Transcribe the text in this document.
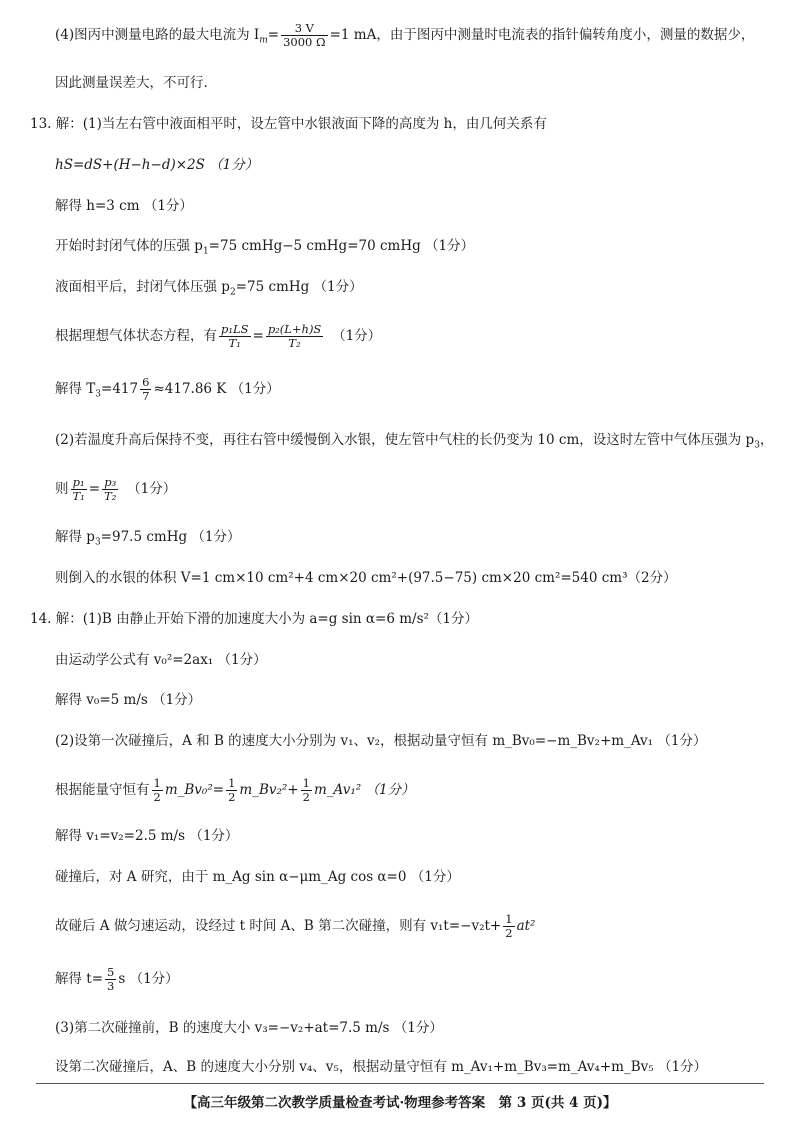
(4)图丙中测量电路的最大电流为 $I_m= \frac{3 V}{3000 \Omega} =1$ mA，由于图丙中测量时电流表的指针偏转角度小，测量的数据少，
因此测量误差大，不可行.
13. 解：(1)当左右管中液面相平时，设左管中水银液面下降的高度为 h，由几何关系有
hS=dS+(H−h−d)×2S （1分）
解得 h=3 cm （1分）
开始时封闭气体的压强 $p_1=75$ cmHg−5 cmHg=70 cmHg （1分）
液面相平后，封闭气体压强 $p_2=75$ cmHg （1分）
根据理想气体状态方程，有 $\frac{\text{p₁LS}}{\text{T₁}} = \frac{\text{p₂(L+h)S}}{\text{T₂}}$
　 （1分）
解得 $T_3=417 \frac{6}{7} \approx 417.86$ K （1分）
(2)若温度升高后保持不变，再往右管中缓慢倒入水银，使左管中气柱的长仍变为 10 cm，设这时左管中气体压强为 $p_3$，
则 $\frac{\text{p₁}}{\text{T₁}} = \frac{\text{p₃}}{\text{T₂}}$
　 （1分）
解得 $p_3=97.5$ cmHg （1分）
则倒入的水银的体积 V=1 cm×10 cm²+4 cm×20 cm²+(97.5−75) cm×20 cm²=540 cm³（2分）
14. 解：(1)B 由静止开始下滑的加速度大小为 a=g sin α=6 m/s²（1分）
由运动学公式有 v₀²=2ax₁ （1分）
解得 v₀=5 m/s （1分）
(2)设第一次碰撞后，A 和 B 的速度大小分别为 v₁、v₂，根据动量守恒有 m_Bv₀=−m_Bv₂+m_Av₁ （1分）
根据能量守恒有 $\frac{1}{2}$ m_Bv₀²= $\frac{1}{2}$ m_Bv₂²+ $\frac{1}{2}$ m_Av₁² （1分）
解得 v₁=v₂=2.5 m/s （1分）
碰撞后，对 A 研究，由于 m_Ag sin α−μm_Ag cos α=0 （1分）
故碰后 A 做匀速运动，设经过 t 时间 A、B 第二次碰撞，则有 $v_1t=-v_2t+ \frac{1}{2} at^2$
解得 $t= \frac{5}{3}$ s （1分）
(3)第二次碰撞前，B 的速度大小 v₃=−v₂+at=7.5 m/s （1分）
设第二次碰撞后，A、B 的速度大小分别 v₄、v₅，根据动量守恒有 m_Av₁+m_Bv₃=m_Av₄+m_Bv₅ （1分）
【高三年级第二次教学质量检查考试·物理参考答案　第 3 页(共 4 页)】
